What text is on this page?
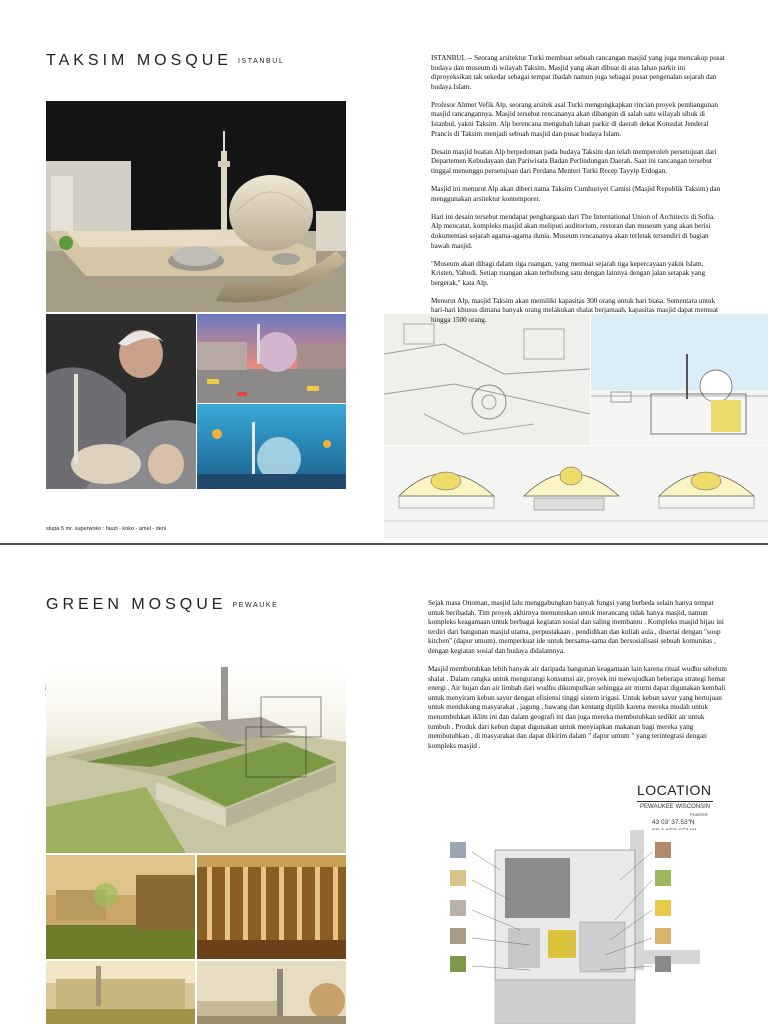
TAKSIM MOSQUE $^{ISTANBUL}$	ISTANBUL -- Seorang arsitektur Turki membuat sebuah rancangan masjid yang juga mencakup pusat budaya dan museum di wilayah Taksim. Masjid yang akan dibuat di atas lahan parkir ini diproyeksikan tak sekedar sebagai tempat ibadah namun juga sebagai pusat pengenalan sejarah dan budaya Islam.

Profesor Ahmet Vefik Alp, seorang arsitek asal Turki mengungkapkan rincian proyek pembangunan masjid rancangannya. Masjid tersebut rencananya akan dibangun di salah satu wilayah sibuk di Istanbul, yakni Taksim. Alp berencana mengubah lahan parkir di daerah dekat Konsulat Jenderal Prancis di Taksim menjadi sebuah masjid dan pusat budaya Islam.

Desain masjid buatan Alp berpedoman pada budaya Taksim dan telah memperoleh persetujuan dari Departemen Kebudayaan dan Pariwisata Badan Perlindungan Daerah. Saat ini rancangan tersebut tinggal menunggu persetujuan dari Perdana Menteri Turki Recep Tayyip Erdogan.

Masjid ini menurut Alp akan diberi nama Taksim Cumhuriyet Camisi (Masjid Republik Taksim) dan menggunakan arsitektur kontemporer.

Hari ini desain tersebut mendapat penghargaan dari The International Union of Architects di Sofia. Alp mencatat, kompleks masjid akan meliputi auditorium, restoran dan museum yang akan berisi dokumentasi sejarah agama-agama dunia. Museum rencananya akan terletak tersendiri di bagian bawah masjid.

"Museum akan dibagi dalam tiga ruangan, yang memuat sejarah tiga kepercayaan yakni Islam, Kristen, Yahudi. Setiap ruangan akan terhubung satu dengan lainnya dengan jalan setapak yang bergerak," kata Alp.

Menurut Alp, masjid Taksim akan memiliki kapasitas 300 orang untuk hari biasa. Sementara untuk hari-hari khusus dimana banyak orang melakukan shalat berjamaah, kapasitas masjid dapat memuat hingga 1500 orang.

stupa 5 mr. superwoko : fauzi - koko - amel - deni
GREEN MOSQUE $^{PEWAUKE}$	Sejak masa Ottoman, masjid lalu menggabungkan banyak fungsi yang berbeda selain hanya tempat untuk beribadah. Tim proyek akhirnya memutuskan untuk merancang tidak hanya masjid, namun kompleks keagamaan untuk berbagai kegiatan sosial dan saling membantu . Kompleks masjid hijau ini terdiri dari bangunan masjid utama, perpustakaan , pendidikan dan kuliah aula , disertai dengan "soup kitchen" (dapur umum), memperkuat ide untuk bersama-sama dan bersosialisasi sebuah komunitas , dengan kegiatan sosial dan budaya didalamnya.

Masjid membutuhkan lebih banyak air daripada bangunan keagamaan lain karena ritual wudhu sebelum shalat . Dalam rangka untuk mengurangi konsumsi air, proyek ini mewujudkan beberapa strategi hemat energi . Air hujan dan air limbah dari wudhu dikumpulkan sehingga air murni dapat digunakan kembali untuk menyiram kebun sayur dengan efisiensi tinggi sistem irigasi. Untuk kebun sayur yang bertujuan untuk mendukung masyarakat , jagung , bawang dan kentang dipilih karena mereka mudah untuk menumbuhkan iklim ini dan dalam geografi ini dan juga mereka membutuhkan sedikit air untuk tumbuh . Produk dari kebun dapat digunakan untuk menyiapkan makanan bagi mereka yang membutuhkan , di masyarakat dan dapat dikirim dalam " dapur umum " yang terintegrasi dengan kompleks masjid .

LOCATION
PEWAUKEE WISCONSIN
POINTER
43 03' 37.53"N
